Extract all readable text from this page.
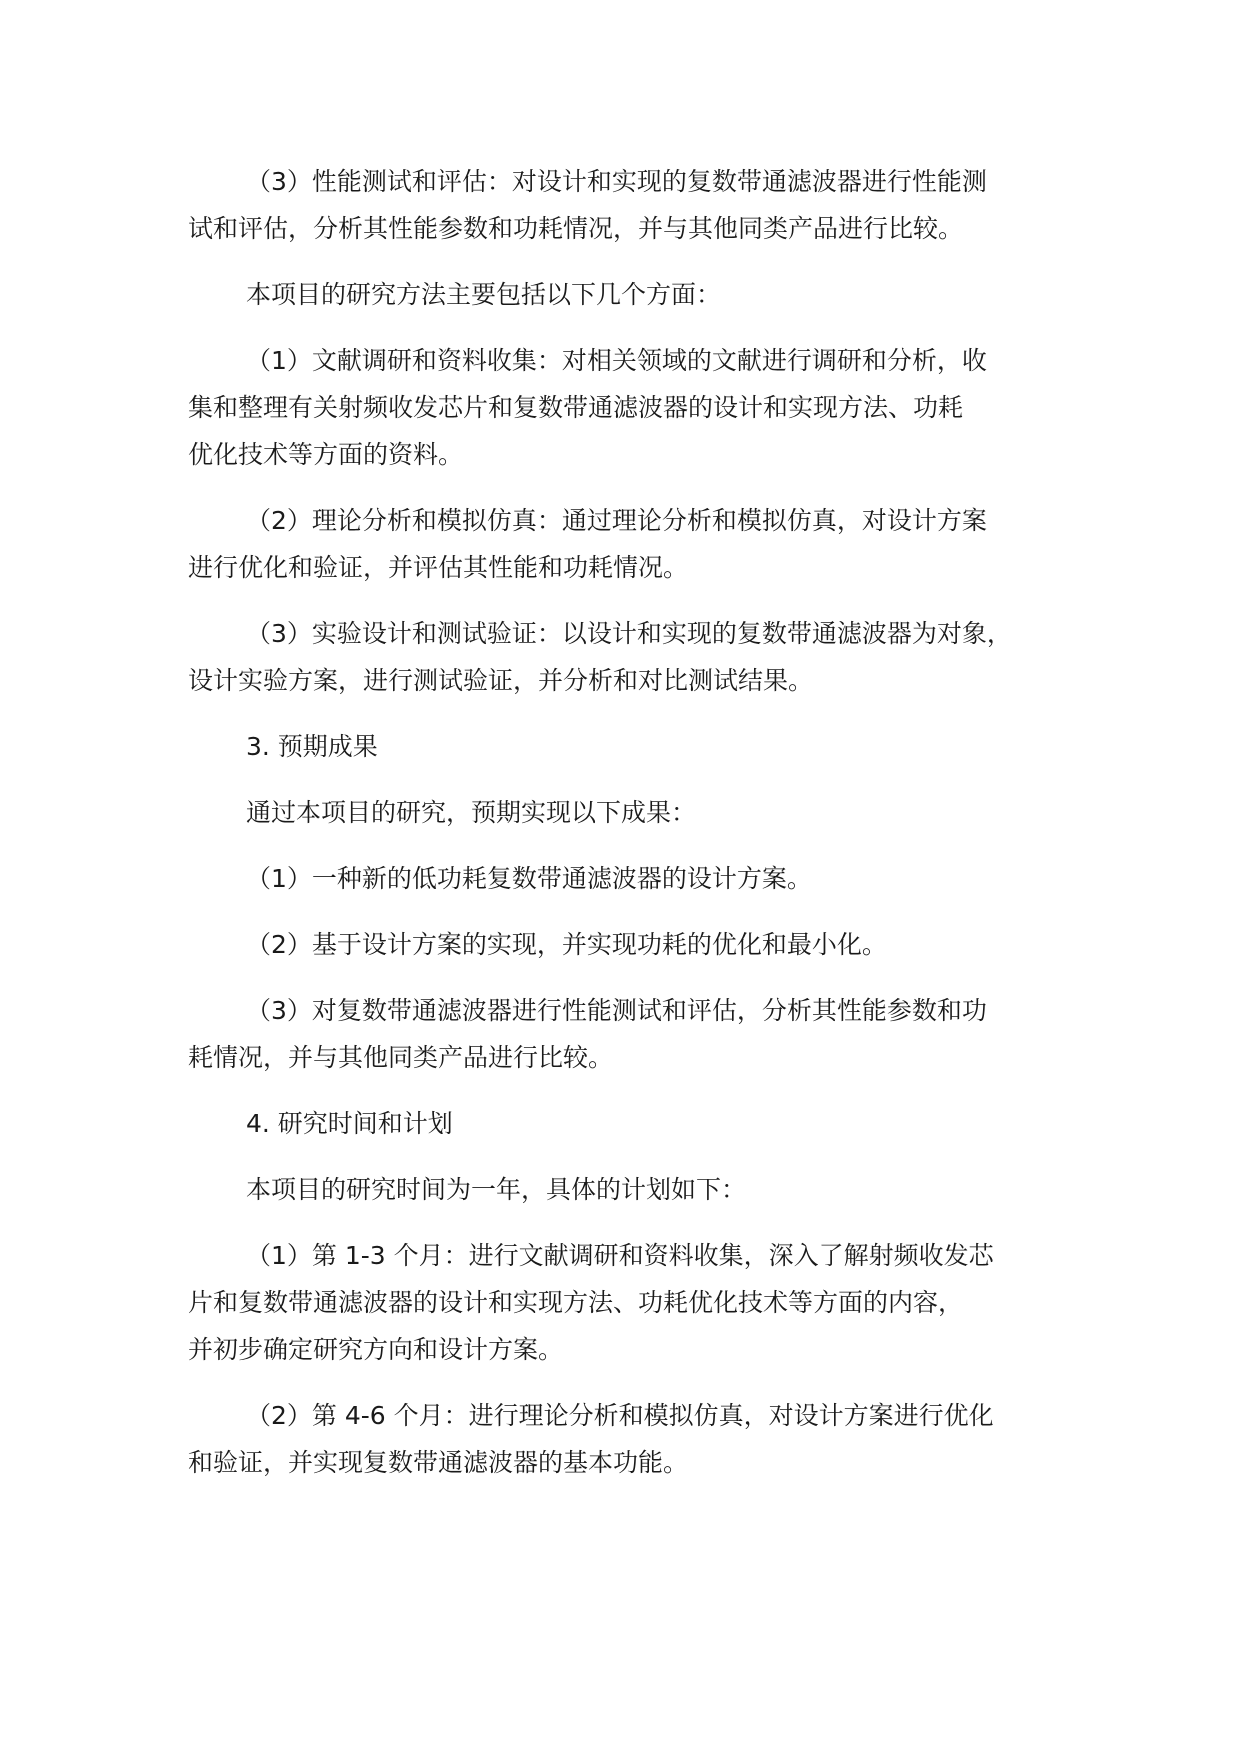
（3）性能测试和评估：对设计和实现的复数带通滤波器进行性能测
试和评估，分析其性能参数和功耗情况，并与其他同类产品进行比较。

本项目的研究方法主要包括以下几个方面：

（1）文献调研和资料收集：对相关领域的文献进行调研和分析，收
集和整理有关射频收发芯片和复数带通滤波器的设计和实现方法、功耗
优化技术等方面的资料。

（2）理论分析和模拟仿真：通过理论分析和模拟仿真，对设计方案
进行优化和验证，并评估其性能和功耗情况。

（3）实验设计和测试验证：以设计和实现的复数带通滤波器为对象，
设计实验方案，进行测试验证，并分析和对比测试结果。

3. 预期成果

通过本项目的研究，预期实现以下成果：

（1）一种新的低功耗复数带通滤波器的设计方案。

（2）基于设计方案的实现，并实现功耗的优化和最小化。

（3）对复数带通滤波器进行性能测试和评估，分析其性能参数和功
耗情况，并与其他同类产品进行比较。

4. 研究时间和计划

本项目的研究时间为一年，具体的计划如下：

（1）第 1-3 个月：进行文献调研和资料收集，深入了解射频收发芯
片和复数带通滤波器的设计和实现方法、功耗优化技术等方面的内容，
并初步确定研究方向和设计方案。

（2）第 4-6 个月：进行理论分析和模拟仿真，对设计方案进行优化
和验证，并实现复数带通滤波器的基本功能。
